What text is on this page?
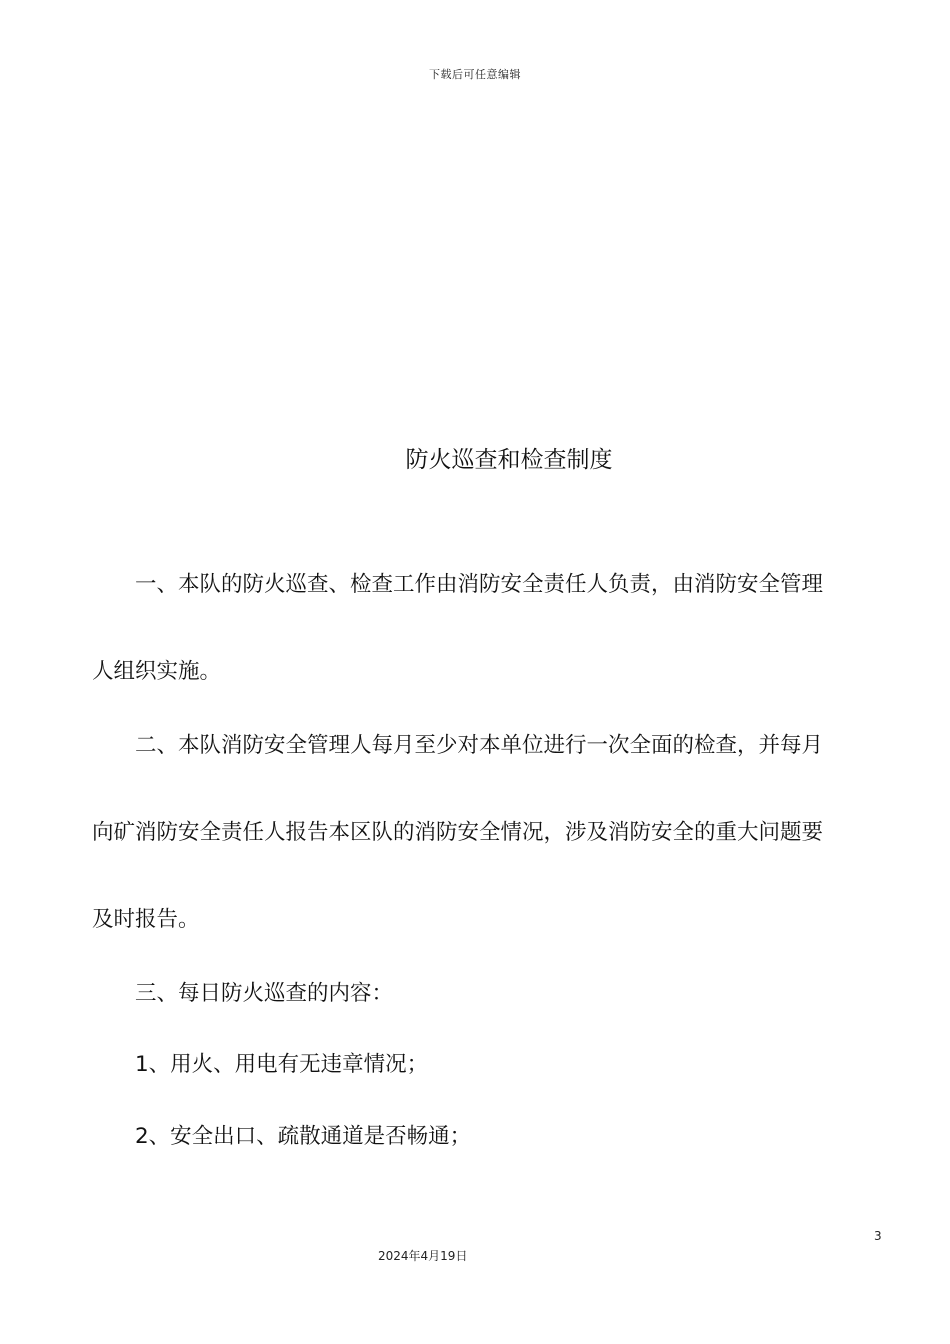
下载后可任意编辑
防火巡查和检查制度

　　一、本队的防火巡查、检查工作由消防安全责任人负责，由消防安全管理

人组织实施。

　　二、本队消防安全管理人每月至少对本单位进行一次全面的检查，并每月

向矿消防安全责任人报告本区队的消防安全情况，涉及消防安全的重大问题要

及时报告。

　　三、每日防火巡查的内容：

　　1、用火、用电有无违章情况；

　　2、安全出口、疏散通道是否畅通；

3
2024年4月19日
